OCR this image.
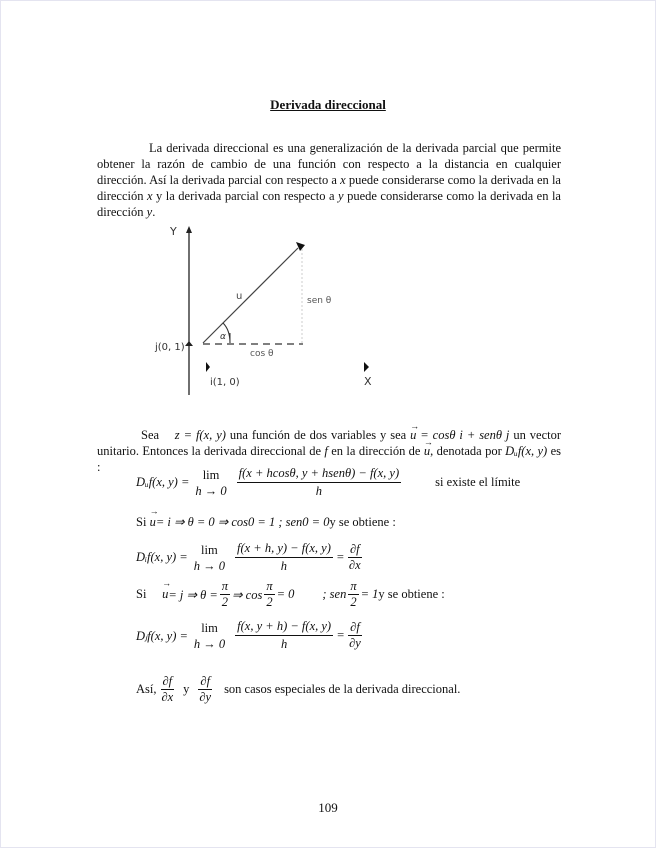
Derivada direccional
La derivada direccional es una generalización de la derivada parcial que permite obtener la razón de cambio de una función con respecto a la distancia en cualquier dirección. Así la derivada parcial con respecto a x puede considerarse como la derivada en la dirección x y la derivada parcial con respecto a y puede considerarse como la derivada en la dirección y.
Y
j(0, 1)
u	sen θ
cos θ
α
i(1, 0)	X
Sea z = f(x, y) una función de dos variables y sea → u = cosθ i + senθ j un vector unitario. Entonces la derivada direccional de f en la dirección de → u, denotada por Dᵤf(x, y) es :
Dᵤf(x, y) =
lim
$h \to 0 \frac{\text{f(x + hcosθ, y + hsenθ) − f(x, y)}}{h}$	si existe el límite
Si
→ u = i ⇒ θ = 0 ⇒ cos0 = 1 ; sen0 = 0 y se obtiene :
Dᵢf(x, y) =
lim
$h \to 0 \frac{f(x + h, y) - f(x, y)}{h} = \frac{\partial f}{\partial x}$
Si
→ u = j ⇒ $\theta = \frac{\pi}{2}$ ⇒ $\cos \frac{\pi}{2} = 0$ ; sen $\frac{\pi}{2} = 1$ y se obtiene :
Dⱼf(x, y) =
lim
$h \to 0 \frac{f(x, y + h) - f(x, y)}{h} = \frac{\partial f}{\partial y}$
Así, $\frac{\partial f}{\partial x}$ y $\frac{\partial f}{\partial y}$ son casos especiales de la derivada direccional.
109
